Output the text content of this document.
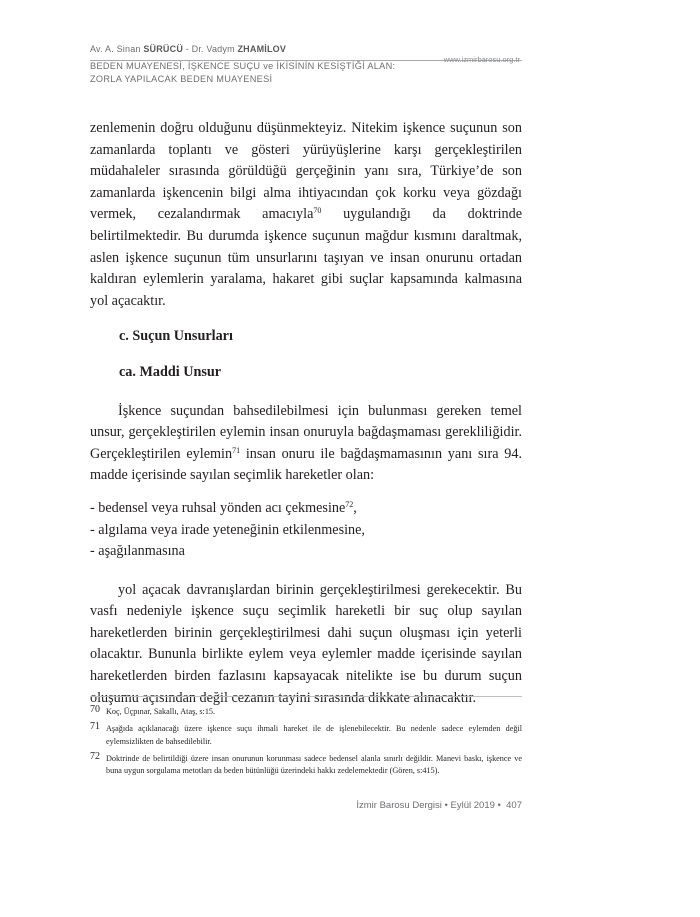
Av. A. Sinan SÜRÜCÜ - Dr. Vadym ZHAMİLOV
BEDEN MUAYENESİ, İŞKENCE SUÇU ve İKİSİNİN KESİŞTİĞİ ALAN:
ZORLA YAPILACAK BEDEN MUAYENESİ
www.izmirbarosu.org.tr

zenlemenin doğru olduğunu düşünmekteyiz. Nitekim işkence suçunun son zamanlarda toplantı ve gösteri yürüyüşlerine karşı gerçekleştirilen müdahaleler sırasında görüldüğü gerçeğinin yanı sıra, Türkiye’de son zamanlarda işkencenin bilgi alma ihtiyacından çok korku veya gözdağı vermek, cezalandırmak amacıyla$^{70}$ uygulandığı da doktrinde belirtilmektedir. Bu durumda işkence suçunun mağdur kısmını daraltmak, aslen işkence suçunun tüm unsurlarını taşıyan ve insan onurunu ortadan kaldıran eylemlerin yaralama, hakaret gibi suçlar kapsamında kalmasına yol açacaktır.

c. Suçun Unsurları

ca. Maddi Unsur

İşkence suçundan bahsedilebilmesi için bulunması gereken temel unsur, gerçekleştirilen eylemin insan onuruyla bağdaşmaması gerekliliğidir. Gerçekleştirilen eylemin$^{71}$ insan onuru ile bağdaşmamasının yanı sıra 94. madde içerisinde sayılan seçimlik hareketler olan:

- bedensel veya ruhsal yönden acı çekmesine$^{72}$,
- algılama veya irade yeteneğinin etkilenmesine,
- aşağılanmasına

yol açacak davranışlardan birinin gerçekleştirilmesi gerekecektir. Bu vasfı nedeniyle işkence suçu seçimlik hareketli bir suç olup sayılan hareketlerden birinin gerçekleştirilmesi dahi suçun oluşması için yeterli olacaktır. Bununla birlikte eylem veya eylemler madde içerisinde sayılan hareketlerden birden fazlasını kapsayacak nitelikte ise bu durum suçun oluşumu açısından değil cezanın tayini sırasında dikkate alınacaktır.

70 Koç, Üçpınar, Sakallı, Ataş, s:15.
71 Aşağıda açıklanacağı üzere işkence suçu ihmali hareket ile de işlenebilecektir. Bu nedenle sadece eylemden değil eylemsizlikten de bahsedilebilir.
72 Doktrinde de belirtildiği üzere insan onurunun korunması sadece bedensel alanla sınırlı değildir. Manevi baskı, işkence ve buna uygun sorgulama metotları da beden bütünlüğü üzerindeki hakkı zedelemektedir (Gören, s:415).
İzmir Barosu Dergisi • Eylül 2019 • 407
